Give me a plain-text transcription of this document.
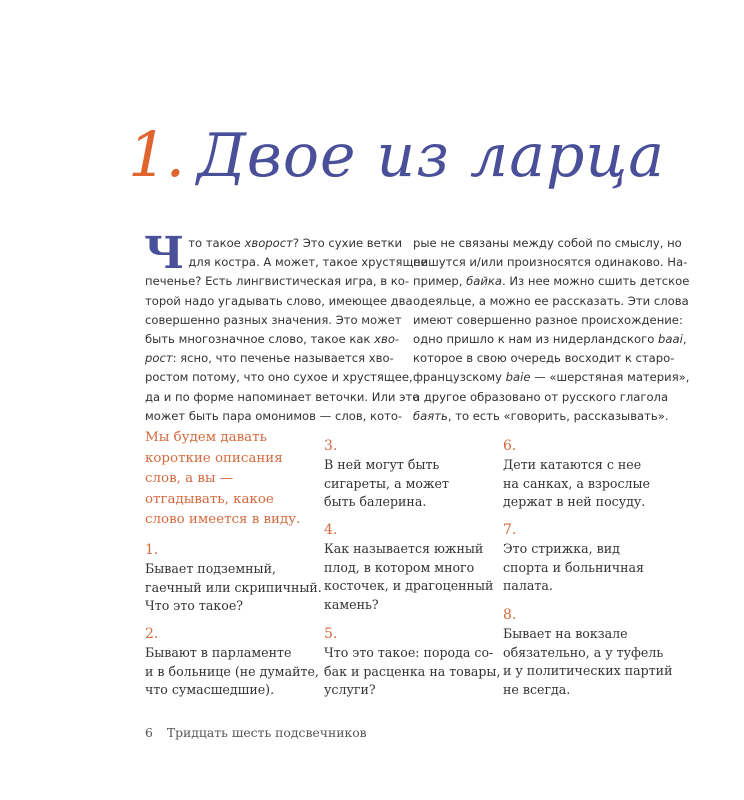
1. Двое из ларца
Ч то такое хворост? Это сухие ветки
для костра. А может, такое хрустящее
печенье? Есть лингвистическая игра, в ко-
торой надо угадывать слово, имеющее два
совершенно разных значения. Это может
быть многозначное слово, такое как хво-
рост: ясно, что печенье называется хво-
ростом потому, что оно сухое и хрустящее,
да и по форме напоминает веточки. Или это
может быть пара омонимов — слов, кото-
рые не связаны между собой по смыслу, но
пишутся и/или произносятся одинаково. На-
пример, байка. Из нее можно сшить детское
одеяльце, а можно ее рассказать. Эти слова
имеют совершенно разное происхождение:
одно пришло к нам из нидерландского baai,
которое в свою очередь восходит к старо-
французскому baie — «шерстяная материя»,
а другое образовано от русского глагола
баять, то есть «говорить, рассказывать».
Мы будем давать
короткие описания
слов, а вы —
отгадывать, какое
слово имеется в виду.
1.
Бывает подземный,
гаечный или скрипичный.
Что это такое?
2.
Бывают в парламенте
и в больнице (не думайте,
что сумасшедшие).
3.
В ней могут быть
сигареты, а может
быть балерина.
4.
Как называется южный
плод, в котором много
косточек, и драгоценный
камень?
5.
Что это такое: порода со-
бак и расценка на товары,
услуги?
6.
Дети катаются с нее
на санках, а взрослые
держат в ней посуду.
7.
Это стрижка, вид
спорта и больничная
палата.
8.
Бывает на вокзале
обязательно, а у туфель
и у политических партий
не всегда.
6 Тридцать шесть подсвечников
